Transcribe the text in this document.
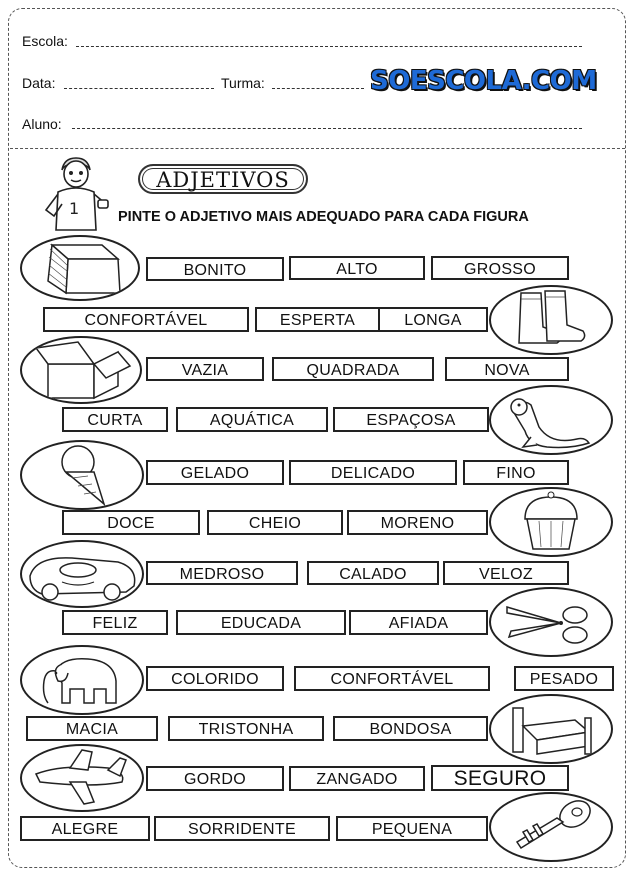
Escola:
Data:	Turma:	SOESCOLA.COM
Aluno:
1
ADJETIVOS
PINTE O ADJETIVO MAIS ADEQUADO PARA CADA FIGURA
BONITO	ALTO	GROSSO
CONFORTÁVEL	ESPERTA	LONGA
VAZIA	QUADRADA	NOVA
CURTA	AQUÁTICA	ESPAÇOSA
GELADO	DELICADO	FINO
DOCE	CHEIO	MORENO
MEDROSO	CALADO	VELOZ
FELIZ	EDUCADA	AFIADA
COLORIDO	CONFORTÁVEL	PESADO
MACIA	TRISTONHA	BONDOSA
GORDO	ZANGADO	SEGURO
ALEGRE	SORRIDENTE	PEQUENA
